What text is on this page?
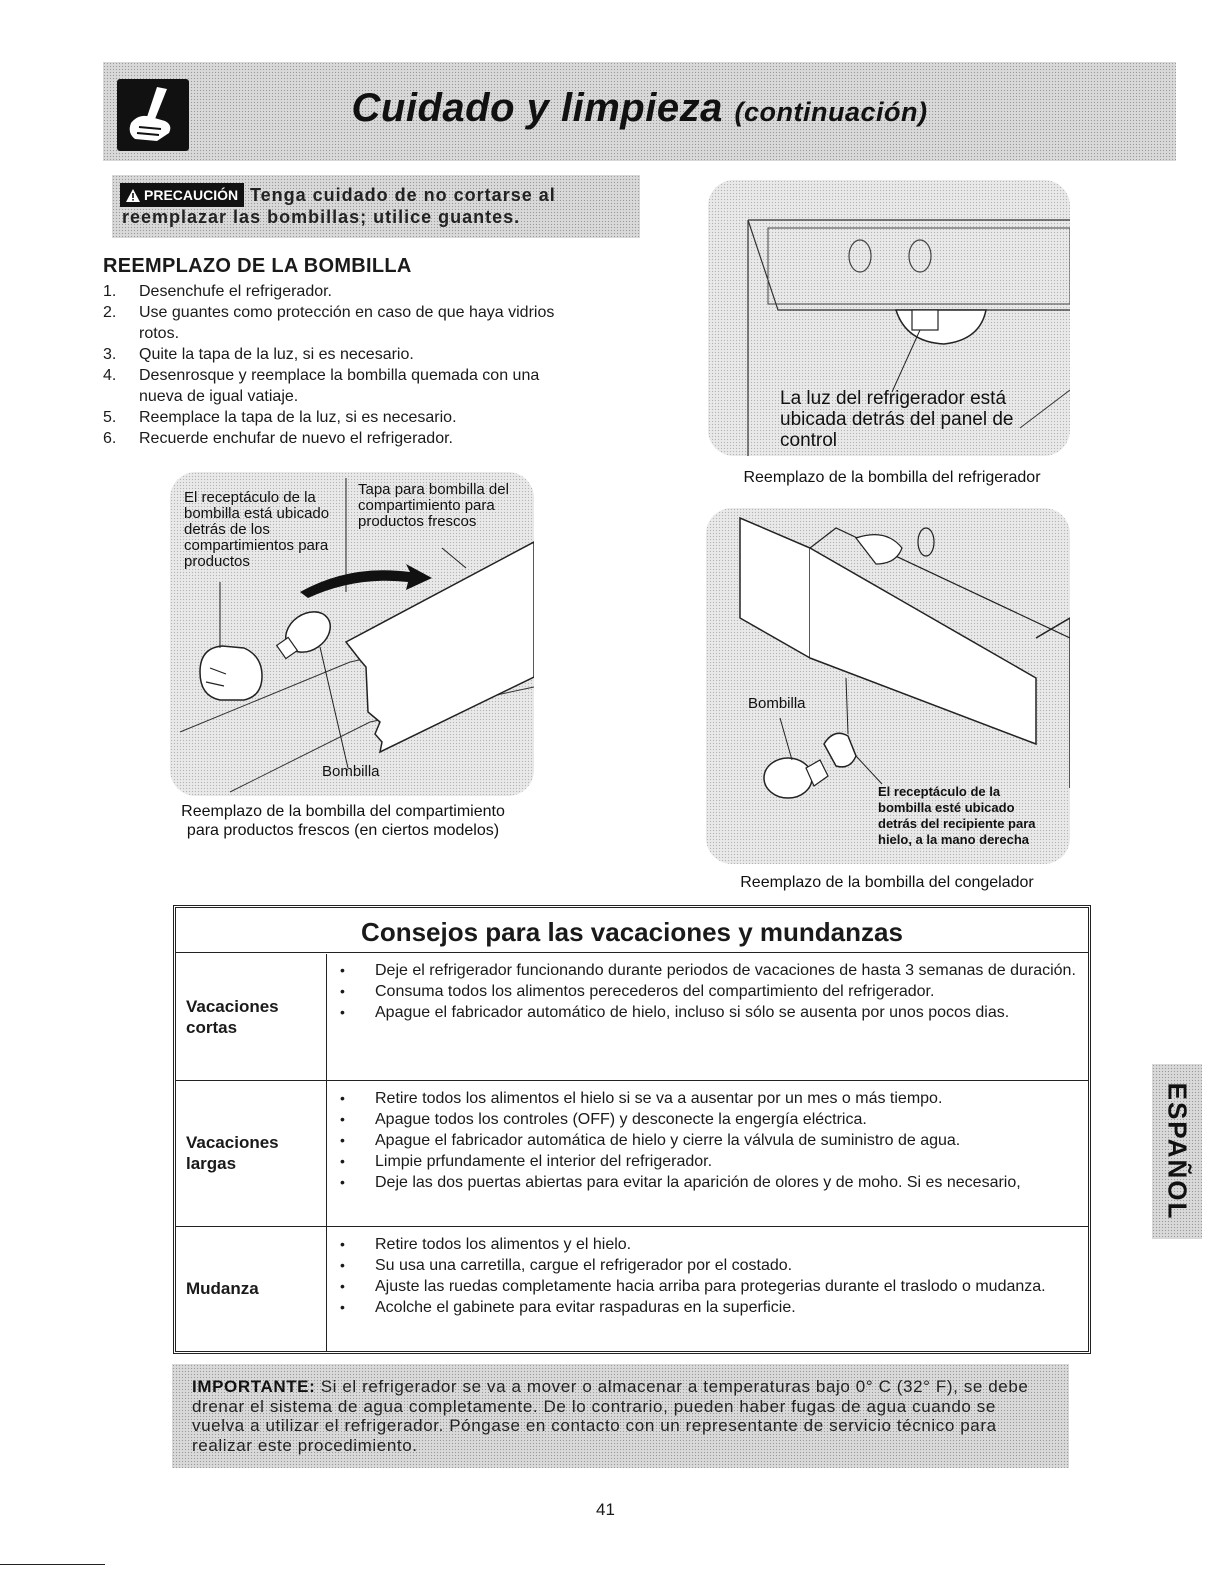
Cuidado y limpieza (continuación)
PRECAUCIÓN Tenga cuidado de no cortarse al reemplazar las bombillas; utilice guantes.
REEMPLAZO DE LA BOMBILLA
1. Desenchufe el refrigerador.
2. Use guantes como protección en caso de que haya vidrios rotos.
3. Quite la tapa de la luz, si es necesario.
4. Desenrosque y reemplace la bombilla quemada con una nueva de igual vatiaje.
5. Reemplace la tapa de la luz, si es necesario.
6. Recuerde enchufar de nuevo el refrigerador.
El receptáculo de la bombilla está ubicado detrás de los compartimientos para productos
Tapa para bombilla del compartimiento para productos frescos
Bombilla
Reemplazo de la bombilla del compartimiento para productos frescos (en ciertos modelos)
La luz del refrigerador está ubicada detrás del panel de control
Reemplazo de la bombilla del refrigerador
Bombilla
El receptáculo de la bombilla esté ubicado detrás del recipiente para hielo, a la mano derecha
Reemplazo de la bombilla del congelador
Consejos para las vacaciones y mundanzas
Vacaciones cortas
• Deje el refrigerador funcionando durante periodos de vacaciones de hasta 3 semanas de duración.
• Consuma todos los alimentos perecederos del compartimiento del refrigerador.
• Apague el fabricador automático de hielo, incluso si sólo se ausenta por unos pocos dias.
Vacaciones largas
• Retire todos los alimentos el hielo si se va a ausentar por un mes o más tiempo.
• Apague todos los controles (OFF) y desconecte la engergía eléctrica.
• Apague el fabricador automática de hielo y cierre la válvula de suministro de agua.
• Limpie prfundamente el interior del refrigerador.
• Deje las dos puertas abiertas para evitar la aparición de olores y de moho. Si es necesario,
Mudanza
• Retire todos los alimentos y el hielo.
• Su usa una carretilla, cargue el refrigerador por el costado.
• Ajuste las ruedas completamente hacia arriba para protegerias durante el traslodo o mudanza.
• Acolche el gabinete para evitar raspaduras en la superficie.
IMPORTANTE: Si el refrigerador se va a mover o almacenar a temperaturas bajo 0° C (32° F), se debe drenar el sistema de agua completamente. De lo contrario, pueden haber fugas de agua cuando se vuelva a utilizar el refrigerador. Póngase en contacto con un representante de servicio técnico para realizar este procedimiento.
ESPAÑOL
41
